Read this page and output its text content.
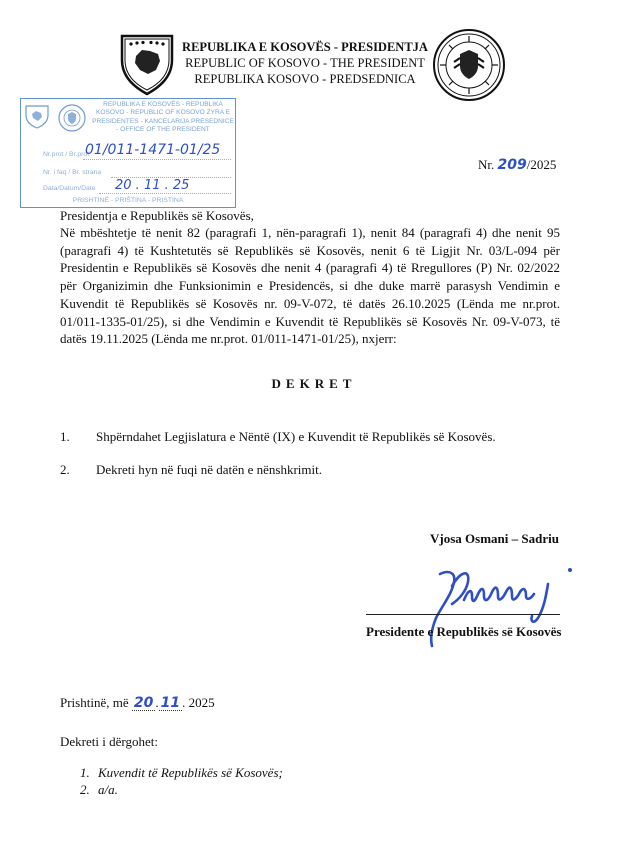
REPUBLIKA E KOSOVËS - PRESIDENTJA
REPUBLIC OF KOSOVO - THE PRESIDENT
REPUBLIKA KOSOVO - PREDSEDNICA
REPUBLIKA E KOSOVËS - REPUBLIKA KOSOVO - REPUBLIC OF KOSOVO ZYRA E PRESIDENTES - KANCELARIJA PRESEDNICE - OFFICE OF THE PRESIDENT
Nr.prot / Br.prot
01/011-1471-01/25
Nr. i faq / Br. strana
Data/Datum/Date 20 . 11 . 25
PRISHTINË - PRIŠTINA - PRISTINA
Nr. 209/2025
Presidentja e Republikës së Kosovës,
Në mbështetje të nenit 82 (paragrafi 1, nën-paragrafi 1), nenit 84 (paragrafi 4) dhe nenit 95 (paragrafi 4) të Kushtetutës së Republikës së Kosovës, nenit 6 të Ligjit Nr. 03/L-094 për Presidentin e Republikës së Kosovës dhe nenit 4 (paragrafi 4) të Rregullores (P) Nr. 02/2022 për Organizimin dhe Funksionimin e Presidencës, si dhe duke marrë parasysh Vendimin e Kuvendit të Republikës së Kosovës nr. 09-V-072, të datës 26.10.2025 (Lënda me nr.prot. 01/011-1335-01/25), si dhe Vendimin e Kuvendit të Republikës së Kosovës Nr. 09-V-073, të datës 19.11.2025 (Lënda me nr.prot. 01/011-1471-01/25), nxjerr:
DEKRET
1. Shpërndahet Legjislatura e Nëntë (IX) e Kuvendit të Republikës së Kosovës.
2. Dekreti hyn në fuqi në datën e nënshkrimit.
Vjosa Osmani – Sadriu
Presidente e Republikës së Kosovës
Prishtinë, më 20 . 11 . 2025
Dekreti i dërgohet:
1. Kuvendit të Republikës së Kosovës;
2. a/a.
